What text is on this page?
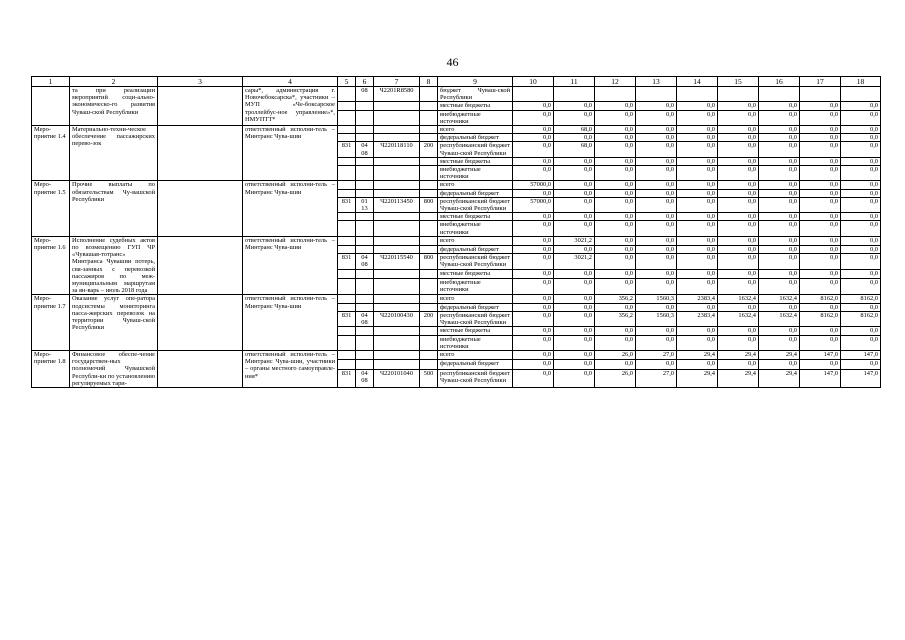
46
1	2	3	4	5	6	7	8	9	10	11	12	13	14	15	16	17	18
	та при реализации мероприятий соци-ально-экономическо-го развития Чуваш-ской Республики		сары*, администрация г. Новочебоксарска*, участники – МУП «Че-боксарское троллейбус-ное управление»*, НМУПТТ*		08	Ч2201R8580		бюджет Чуваш-ской Республики									
								местные бюджеты	0,0	0,0	0,0	0,0	0,0	0,0	0,0	0,0	0,0
								внебюджетные источники	0,0	0,0	0,0	0,0	0,0	0,0	0,0	0,0	0,0
Меро-приятие 1.4	Материально-техни-ческое обеспечение пассажирских перево-зок		ответственный исполни-тель – Минтранс Чува-шии					всего	0,0	68,0	0,0	0,0	0,0	0,0	0,0	0,0	0,0
								федеральный бюджет	0,0	0,0	0,0	0,0	0,0	0,0	0,0	0,0	0,0
				831	04 08	Ч220118110	200	республиканский бюджет Чуваш-ской Республики	0,0	68,0	0,0	0,0	0,0	0,0	0,0	0,0	0,0
								местные бюджеты	0,0	0,0	0,0	0,0	0,0	0,0	0,0	0,0	0,0
								внебюджетные источники	0,0	0,0	0,0	0,0	0,0	0,0	0,0	0,0	0,0
Меро-приятие 1.5	Прочие выплаты по обязательствам Чу-вашской Республики		ответственный исполни-тель – Минтранс Чува-шии					всего	57000,0	0,0	0,0	0,0	0,0	0,0	0,0	0,0	0,0
								федеральный бюджет	0,0	0,0	0,0	0,0	0,0	0,0	0,0	0,0	0,0
				831	01 13	Ч220113450	800	республиканский бюджет Чуваш-ской Республики	57000,0	0,0	0,0	0,0	0,0	0,0	0,0	0,0	0,0
								местные бюджеты	0,0	0,0	0,0	0,0	0,0	0,0	0,0	0,0	0,0
								внебюджетные источники	0,0	0,0	0,0	0,0	0,0	0,0	0,0	0,0	0,0
Меро-приятие 1.6	Исполнение судебных актов по возмещению ГУП ЧР «Чувашав-тотранс» Минтранса Чувашии потерь, свя-занных с перевозкой пассажиров по меж-муниципальным маршрутам за ян-варь – июль 2018 года		ответственный исполни-тель – Минтранс Чува-шии					всего	0,0	3021,2	0,0	0,0	0,0	0,0	0,0	0,0	0,0
								федеральный бюджет	0,0	0,0	0,0	0,0	0,0	0,0	0,0	0,0	0,0
				831	04 08	Ч220115540	800	республиканский бюджет Чуваш-ской Республики	0,0	3021,2	0,0	0,0	0,0	0,0	0,0	0,0	0,0
								местные бюджеты	0,0	0,0	0,0	0,0	0,0	0,0	0,0	0,0	0,0
								внебюджетные источники	0,0	0,0	0,0	0,0	0,0	0,0	0,0	0,0	0,0
Меро-приятие 1.7	Оказание услуг опе-ратора подсистемы мониторинга пасса-жирских перевозок на территории Чуваш-ской Республики		ответственный исполни-тель – Минтранс Чува-шии					всего	0,0	0,0	356,2	1560,3	2383,4	1632,4	1632,4	8162,0	8162,0
								федеральный бюджет	0,0	0,0	0,0	0,0	0,0	0,0	0,0	0,0	0,0
				831	04 08	Ч220100430	200	республиканский бюджет Чуваш-ской Республики	0,0	0,0	356,2	1560,3	2383,4	1632,4	1632,4	8162,0	8162,0
								местные бюджеты	0,0	0,0	0,0	0,0	0,0	0,0	0,0	0,0	0,0
								внебюджетные источники	0,0	0,0	0,0	0,0	0,0	0,0	0,0	0,0	0,0
Меро-приятие 1.8	Финансовое обеспе-чение государствен-ных полномочий Чувашской Республи-ки по установлению регулируемых тари-		ответственный исполни-тель – Минтранс Чува-шии, участники – органы местного самоуправле-ния*					всего	0,0	0,0	26,0	27,0	29,4	29,4	29,4	147,0	147,0
								федеральный бюджет	0,0	0,0	0,0	0,0	0,0	0,0	0,0	0,0	0,0
				831	04 08	Ч220101040	500	республиканский бюджет Чуваш-ской Республики	0,0	0,0	26,0	27,0	29,4	29,4	29,4	147,0	147,0
